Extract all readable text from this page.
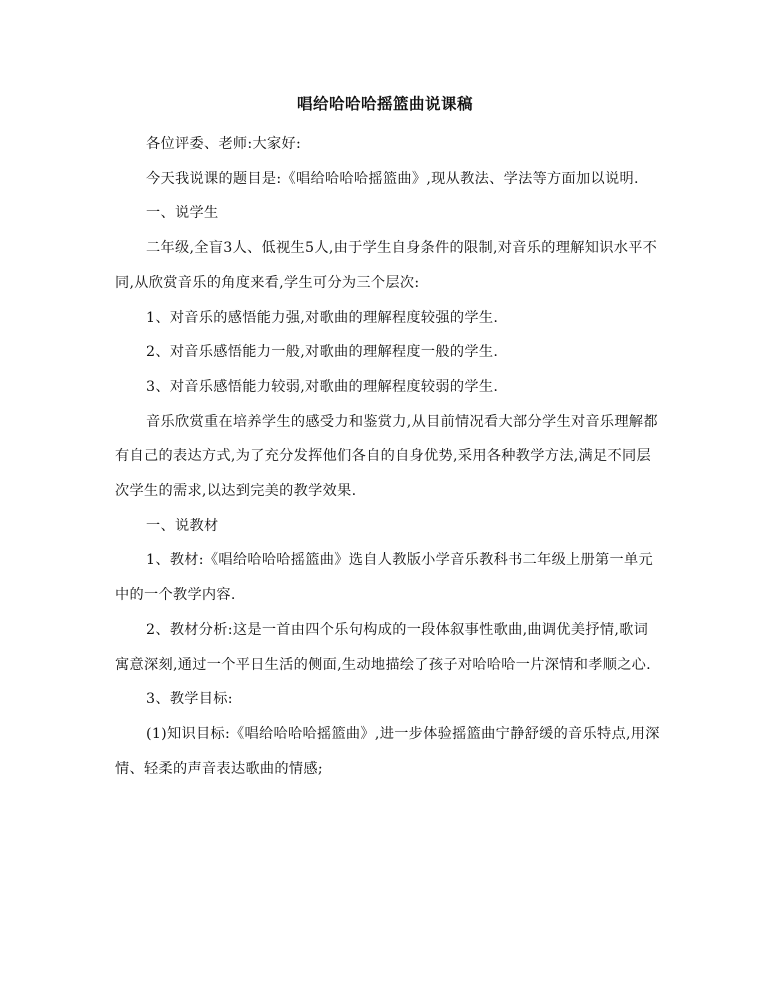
唱给哈哈哈摇篮曲说课稿

各位评委、老师:大家好:

今天我说课的题目是:《唱给哈哈哈摇篮曲》,现从教法、学法等方面加以说明.

一、说学生

二年级,全盲3人、低视生5人,由于学生自身条件的限制,对音乐的理解知识水平不同,从欣赏音乐的角度来看,学生可分为三个层次:

1、对音乐的感悟能力强,对歌曲的理解程度较强的学生.

2、对音乐感悟能力一般,对歌曲的理解程度一般的学生.

3、对音乐感悟能力较弱,对歌曲的理解程度较弱的学生.

音乐欣赏重在培养学生的感受力和鉴赏力,从目前情况看大部分学生对音乐理解都有自己的表达方式,为了充分发挥他们各自的自身优势,采用各种教学方法,满足不同层次学生的需求,以达到完美的教学效果.

一、说教材

1、教材:《唱给哈哈哈摇篮曲》选自人教版小学音乐教科书二年级上册第一单元中的一个教学内容.

2、教材分析:这是一首由四个乐句构成的一段体叙事性歌曲,曲调优美抒情,歌词寓意深刻,通过一个平日生活的侧面,生动地描绘了孩子对哈哈哈一片深情和孝顺之心.

3、教学目标:

(1)知识目标:《唱给哈哈哈摇篮曲》,进一步体验摇篮曲宁静舒缓的音乐特点,用深情、轻柔的声音表达歌曲的情感;
